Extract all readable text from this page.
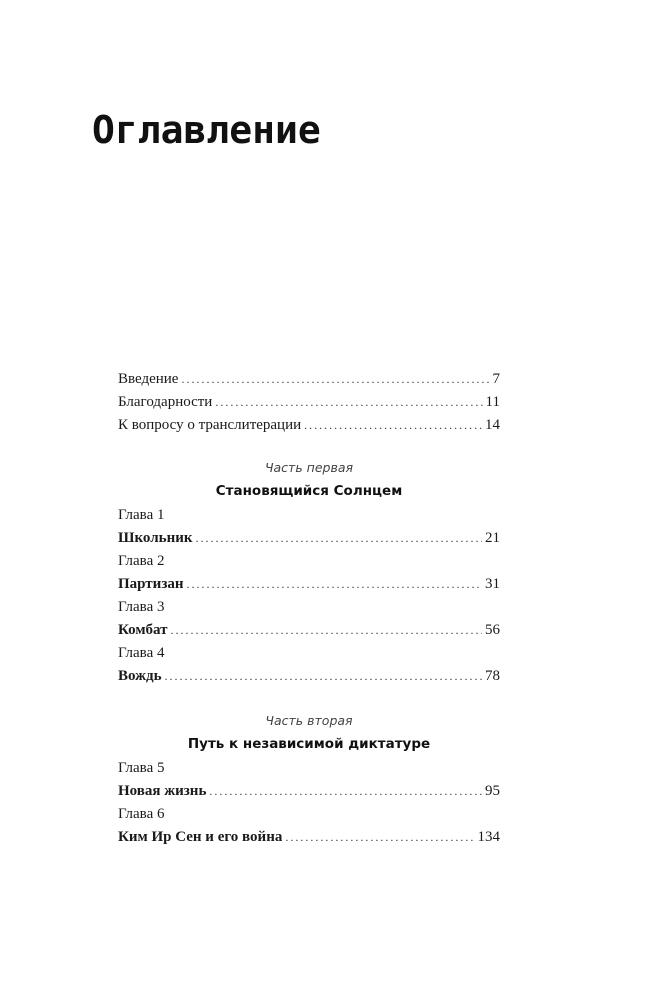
Оглавление
Введение .....	7
Благодарности .....	11
К вопросу о транслитерации .....	14
Часть первая
Становящийся Солнцем
Глава 1
Школьник .....	21
Глава 2
Партизан .....	31
Глава 3
Комбат .....	56
Глава 4
Вождь .....	78
Часть вторая
Путь к независимой диктатуре
Глава 5
Новая жизнь .....	95
Глава 6
Ким Ир Сен и его война .....	134
